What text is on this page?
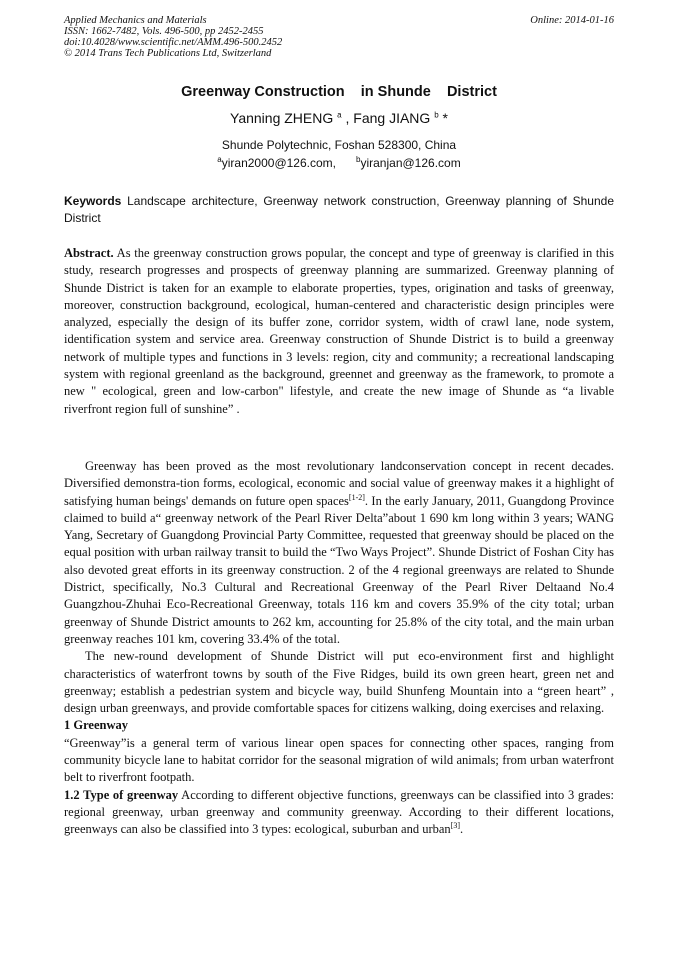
Applied Mechanics and Materials
ISSN: 1662-7482, Vols. 496-500, pp 2452-2455
doi:10.4028/www.scientific.net/AMM.496-500.2452
© 2014 Trans Tech Publications Ltd, Switzerland
Online: 2014-01-16
Greenway Construction    in Shunde    District
Yanning ZHENG $^a$ , Fang JIANG $^b$ *
Shunde Polytechnic, Foshan 528300, China
$^a$yiran2000@126.com,	$^b$yiranjan@126.com
Keywords Landscape architecture, Greenway network construction, Greenway planning of Shunde District

Abstract. As the greenway construction grows popular, the concept and type of greenway is clarified in this study, research progresses and prospects of greenway planning are summarized. Greenway planning of Shunde District is taken for an example to elaborate properties, types, origination and tasks of greenway, moreover, construction background, ecological, human-centered and characteristic design principles were analyzed, especially the design of its buffer zone, corridor system, width of crawl lane, node system, identification system and service area. Greenway construction of Shunde District is to build a greenway network of multiple types and functions in 3 levels: region, city and community; a recreational landscaping system with regional greenland as the background, greennet and greenway as the framework, to promote a new " ecological, green and low-carbon" lifestyle, and create the new image of Shunde as “a livable riverfront region full of sunshine” .

Greenway has been proved as the most revolutionary landconservation concept in recent decades. Diversified demonstra-tion forms, ecological, economic and social value of greenway makes it a highlight of satisfying human beings' demands on future open spaces[1-2]. In the early January, 2011, Guangdong Province claimed to build a“ greenway network of the Pearl River Delta”about 1 690 km long within 3 years; WANG Yang, Secretary of Guangdong Provincial Party Committee, requested that greenway should be placed on the equal position with urban railway transit to build the “Two Ways Project”. Shunde District of Foshan City has also devoted great efforts in its greenway construction. 2 of the 4 regional greenways are related to Shunde District, specifically, No.3 Cultural and Recreational Greenway of the Pearl River Deltaand No.4 Guangzhou-Zhuhai Eco-Recreational Greenway, totals 116 km and covers 35.9% of the city total; urban greenway of Shunde District amounts to 262 km, accounting for 25.8% of the city total, and the main urban greenway reaches 101 km, covering 33.4% of the total.

The new-round development of Shunde District will put eco-environment first and highlight characteristics of waterfront towns by south of the Five Ridges, build its own green heart, green net and greenway; establish a pedestrian system and bicycle way, build Shunfeng Mountain into a “green heart” , design urban greenways, and provide comfortable spaces for citizens walking, doing exercises and relaxing.

1 Greenway

“Greenway”is a general term of various linear open spaces for connecting other spaces, ranging from community bicycle lane to habitat corridor for the seasonal migration of wild animals; from urban waterfront belt to riverfront footpath.

1.2 Type of greenway According to different objective functions, greenways can be classified into 3 grades: regional greenway, urban greenway and community greenway. According to their different locations, greenways can also be classified into 3 types: ecological, suburban and urban[3].
